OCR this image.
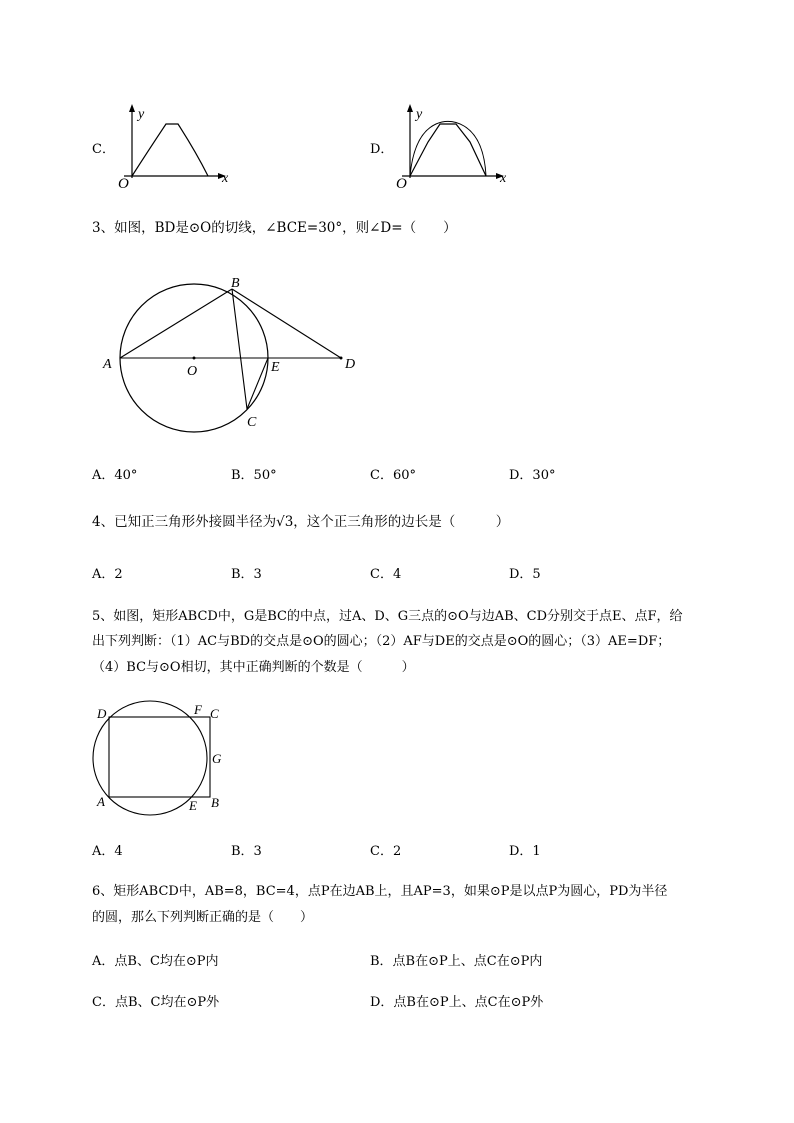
C．
y
x
O
D．
y
x
O
3、如图，BD是⊙O的切线，∠BCE=30°，则∠D=（　　）
B
A	O	E	D
C
A．40°	B．50°	C．60°	D．30°
4、已知正三角形外接圆半径为√3，这个正三角形的边长是（　　　）
A．2	B．3	C．4	D．5
5、如图，矩形ABCD中，G是BC的中点，过A、D、G三点的⊙O与边AB、CD分别交于点E、点F，给
出下列判断：（1）AC与BD的交点是⊙O的圆心；（2）AF与DE的交点是⊙O的圆心；（3）AE=DF；
（4）BC与⊙O相切，其中正确判断的个数是（　　　）
D	F C
G
A	E B
A．4	B．3	C．2	D．1
6、矩形ABCD中，AB=8，BC=4，点P在边AB上，且AP=3，如果⊙P是以点P为圆心，PD为半径
的圆，那么下列判断正确的是（　　）
A．点B、C均在⊙P内	B．点B在⊙P上、点C在⊙P内
C．点B、C均在⊙P外	D．点B在⊙P上、点C在⊙P外
